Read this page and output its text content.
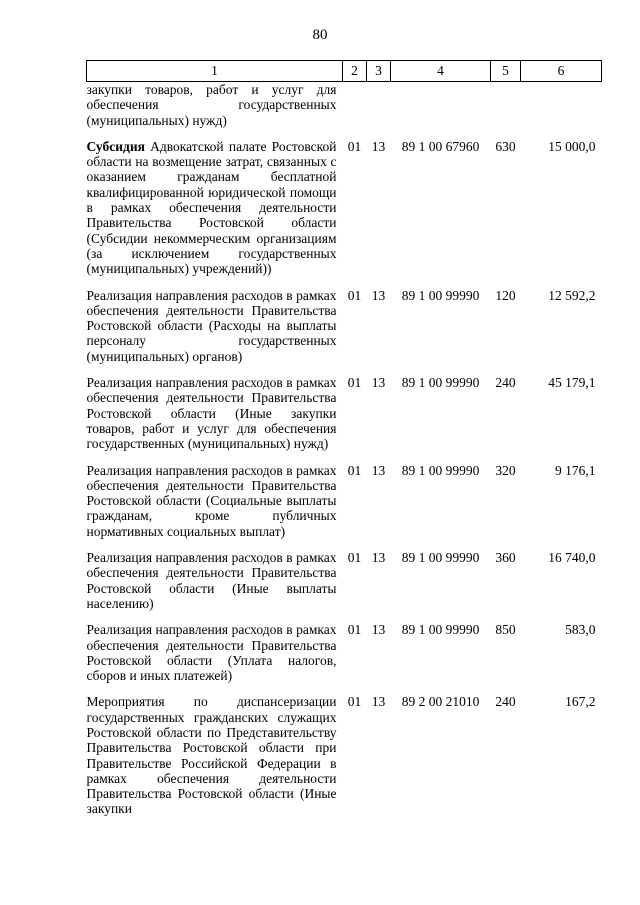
80
1	2	3	4	5	6
закупки товаров, работ и услуг для обеспечения государственных (муниципальных) нужд)					

Субсидия Адвокатской палате Ростовской области на возмещение затрат, связанных с оказанием гражданам бесплатной квалифицированной юридической помощи в рамках обеспечения деятельности Правительства Ростовской области (Субсидии некоммерческим организациям (за исключением государственных (муниципальных) учреждений))	01	13	89 1 00 67960	630	15 000,0

Реализация направления расходов в рамках обеспечения деятельности Правительства Ростовской области (Расходы на выплаты персоналу государственных (муниципальных) органов)	01	13	89 1 00 99990	120	12 592,2

Реализация направления расходов в рамках обеспечения деятельности Правительства Ростовской области (Иные закупки товаров, работ и услуг для обеспечения государственных (муниципальных) нужд)	01	13	89 1 00 99990	240	45 179,1

Реализация направления расходов в рамках обеспечения деятельности Правительства Ростовской области (Социальные выплаты гражданам, кроме публичных нормативных социальных выплат)	01	13	89 1 00 99990	320	9 176,1

Реализация направления расходов в рамках обеспечения деятельности Правительства Ростовской области (Иные выплаты населению)	01	13	89 1 00 99990	360	16 740,0

Реализация направления расходов в рамках обеспечения деятельности Правительства Ростовской области (Уплата налогов, сборов и иных платежей)	01	13	89 1 00 99990	850	583,0

Мероприятия по диспансеризации государственных гражданских служащих Ростовской области по Представительству Правительства Ростовской области при Правительстве Российской Федерации в рамках обеспечения деятельности Правительства Ростовской области (Иные закупки	01	13	89 2 00 21010	240	167,2
